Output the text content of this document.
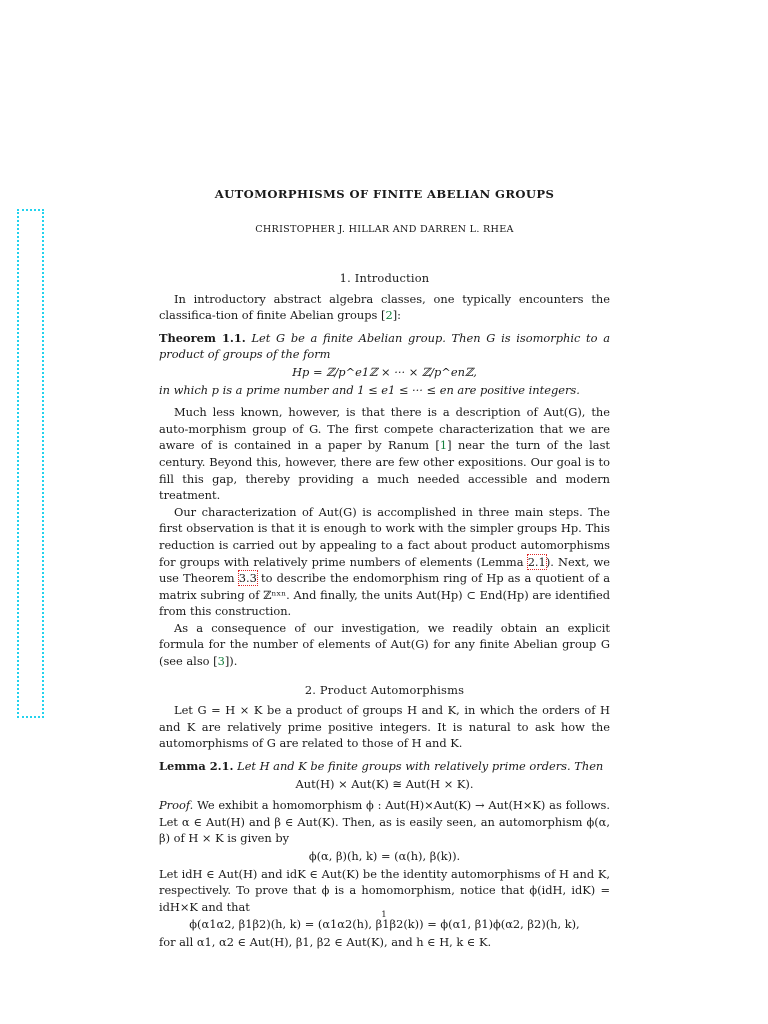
AUTOMORPHISMS OF FINITE ABELIAN GROUPS
CHRISTOPHER J. HILLAR AND DARREN L. RHEA
1. Introduction

In introductory abstract algebra classes, one typically encounters the classifica-tion of finite Abelian groups [2]:

Theorem 1.1. Let G be a finite Abelian group. Then G is isomorphic to a product of groups of the form

Hp = ℤ/p^e1ℤ × ··· × ℤ/p^enℤ,

in which p is a prime number and 1 ≤ e1 ≤ ··· ≤ en are positive integers.

Much less known, however, is that there is a description of Aut(G), the auto-morphism group of G. The first compete characterization that we are aware of is contained in a paper by Ranum [1] near the turn of the last century. Beyond this, however, there are few other expositions. Our goal is to fill this gap, thereby providing a much needed accessible and modern treatment.

Our characterization of Aut(G) is accomplished in three main steps. The first observation is that it is enough to work with the simpler groups Hp. This reduction is carried out by appealing to a fact about product automorphisms for groups with relatively prime numbers of elements (Lemma 2.1). Next, we use Theorem 3.3 to describe the endomorphism ring of Hp as a quotient of a matrix subring of ℤⁿˣⁿ. And finally, the units Aut(Hp) ⊂ End(Hp) are identified from this construction.

As a consequence of our investigation, we readily obtain an explicit formula for the number of elements of Aut(G) for any finite Abelian group G (see also [3]).

2. Product Automorphisms

Let G = H × K be a product of groups H and K, in which the orders of H and K are relatively prime positive integers. It is natural to ask how the automorphisms of G are related to those of H and K.

Lemma 2.1. Let H and K be finite groups with relatively prime orders. Then

Aut(H) × Aut(K) ≅ Aut(H × K).

Proof. We exhibit a homomorphism ϕ : Aut(H)×Aut(K) → Aut(H×K) as follows. Let α ∈ Aut(H) and β ∈ Aut(K). Then, as is easily seen, an automorphism ϕ(α, β) of H × K is given by

ϕ(α, β)(h, k) = (α(h), β(k)).

Let idH ∈ Aut(H) and idK ∈ Aut(K) be the identity automorphisms of H and K, respectively. To prove that ϕ is a homomorphism, notice that ϕ(idH, idK) = idH×K and that

ϕ(α1α2, β1β2)(h, k) = (α1α2(h), β1β2(k)) = ϕ(α1, β1)ϕ(α2, β2)(h, k),

for all α1, α2 ∈ Aut(H), β1, β2 ∈ Aut(K), and h ∈ H, k ∈ K.

1
